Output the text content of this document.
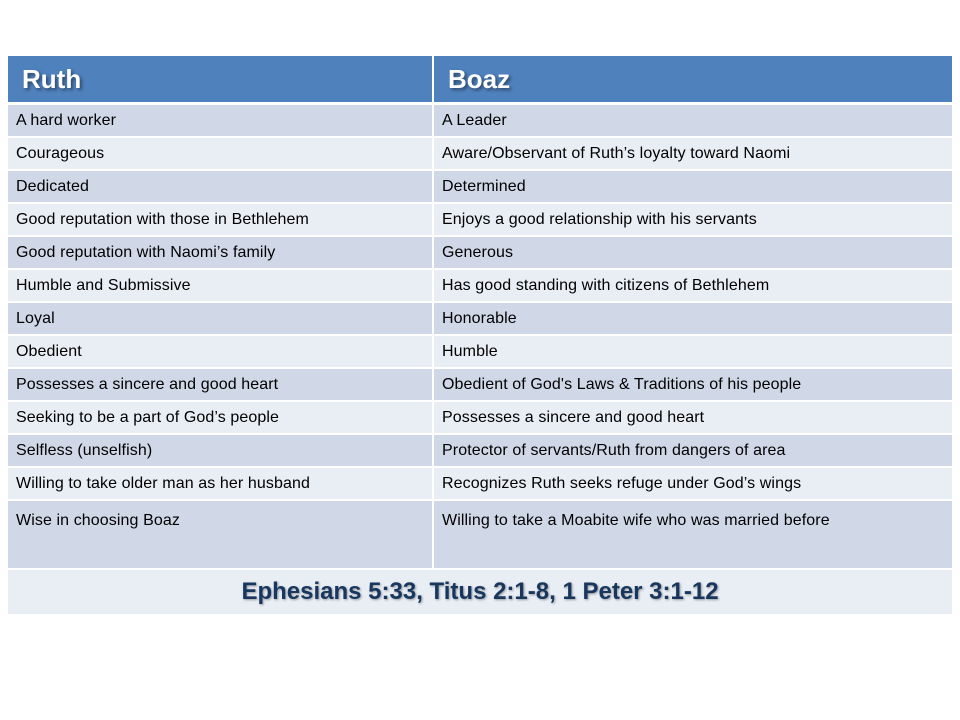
Ruth	Boaz
A hard worker	A Leader
Courageous	Aware/Observant of Ruth’s loyalty toward Naomi
Dedicated	Determined
Good reputation with those in Bethlehem	Enjoys a good relationship with his servants
Good reputation with Naomi’s family	Generous
Humble and Submissive	Has good standing with citizens of Bethlehem
Loyal	Honorable
Obedient	Humble
Possesses a sincere and good heart	Obedient of God's Laws & Traditions of his people
Seeking to be a part of God’s people	Possesses a sincere and good heart
Selfless (unselfish)	Protector of servants/Ruth from dangers of area
Willing to take older man as her husband	Recognizes Ruth seeks refuge under God’s wings
Wise in choosing Boaz	Willing to take a Moabite wife who was married before
Ephesians 5:33, Titus 2:1-8, 1 Peter 3:1-12	
